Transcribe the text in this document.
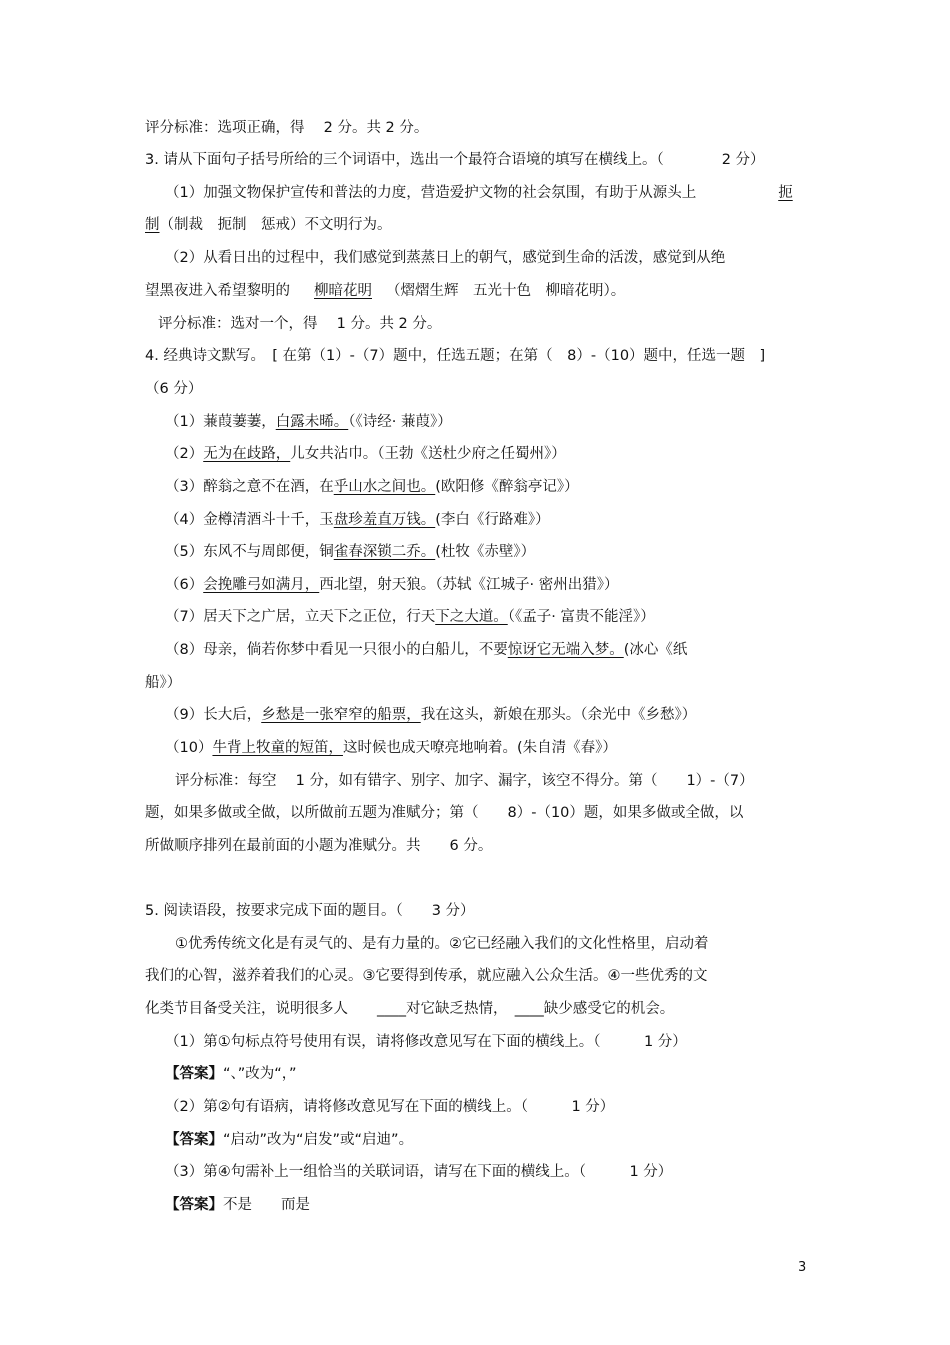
评分标准：选项正确，得　 2 分。共 2 分。
3. 请从下面句子括号所给的三个词语中，选出一个最符合语境的填写在横线上。（　　　　2 分）
（1）加强文物保护宣传和普法的力度，营造爱护文物的社会氛围，有助于从源头上	扼
制（制裁　扼制　惩戒）不文明行为。
（2）从看日出的过程中，我们感觉到蒸蒸日上的朝气，感觉到生命的活泼，感觉到从绝
望黑夜进入希望黎明的 柳暗花明 （熠熠生辉　五光十色　柳暗花明）。
评分标准：选对一个，得　 1 分。共 2 分。
4. 经典诗文默写。　[ 在第（1）-（7）题中，任选五题；在第（　8）-（10）题中，任选一题　]
（6 分）
（1）蒹葭萋萋，白露未晞。（《诗经· 蒹葭》）
（2）无为在歧路，儿女共沾巾。（王勃《送杜少府之任蜀州》）
（3）醉翁之意不在酒，在乎山水之间也。(欧阳修《醉翁亭记》）
（4）金樽清酒斗十千，玉盘珍羞直万钱。(李白《行路难》）
（5）东风不与周郎便，铜雀春深锁二乔。(杜牧《赤壁》）
（6）会挽雕弓如满月，西北望，射天狼。（苏轼《江城子· 密州出猎》）
（7）居天下之广居，立天下之正位，行天下之大道。（《孟子· 富贵不能淫》）
（8）母亲，倘若你梦中看见一只很小的白船儿，不要惊讶它无端入梦。(冰心《纸
船》）
（9）长大后，乡愁是一张窄窄的船票，我在这头，新娘在那头。（余光中《乡愁》）
（10）牛背上牧童的短笛，这时候也成天嘹亮地响着。(朱自清《春》）
评分标准：每空　 1 分，如有错字、别字、加字、漏字，该空不得分。第（　　1）-（7）
题，如果多做或全做，以所做前五题为准赋分；第（　　8）-（10）题，如果多做或全做，以
所做顺序排列在最前面的小题为准赋分。共　　6 分。
5. 阅读语段，按要求完成下面的题目。（　　3 分）
①优秀传统文化是有灵气的、是有力量的。②它已经融入我们的文化性格里，启动着
我们的心智，滋养着我们的心灵。③它要得到传承，就应融入公众生活。④一些优秀的文
化类节目备受关注，说明很多人　　____对它缺乏热情，　____缺少感受它的机会。
（1）第①句标点符号使用有误，请将修改意见写在下面的横线上。（　　　1 分）
【答案】“、”改为“，”
（2）第②句有语病，请将修改意见写在下面的横线上。（　　　1 分）
【答案】“启动”改为“启发”或“启迪”。
（3）第④句需补上一组恰当的关联词语，请写在下面的横线上。（　　　1 分）
【答案】不是　　而是
3
